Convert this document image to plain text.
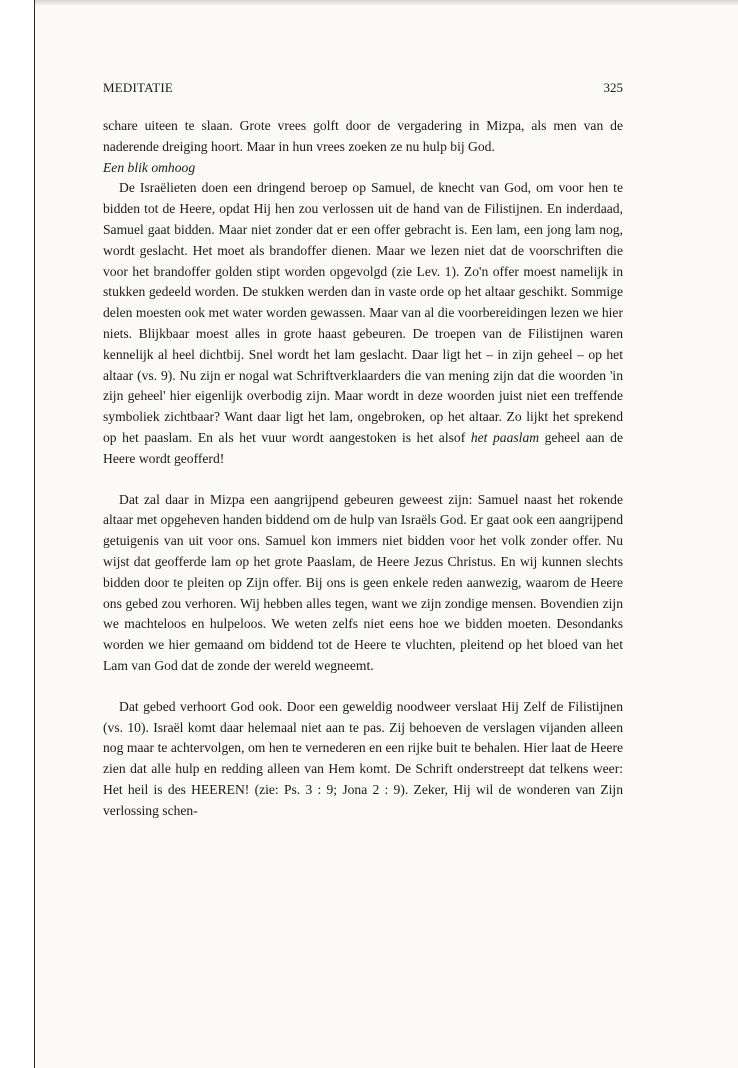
MEDITATIE	325

schare uiteen te slaan. Grote vrees golft door de vergadering in Mizpa, als men van de naderende dreiging hoort. Maar in hun vrees zoeken ze nu hulp bij God.

Een blik omhoog

De Israëlieten doen een dringend beroep op Samuel, de knecht van God, om voor hen te bidden tot de Heere, opdat Hij hen zou verlossen uit de hand van de Filistijnen. En inderdaad, Samuel gaat bidden. Maar niet zonder dat er een offer gebracht is. Een lam, een jong lam nog, wordt geslacht. Het moet als brandoffer dienen. Maar we lezen niet dat de voorschriften die voor het brandoffer golden stipt worden opgevolgd (zie Lev. 1). Zo'n offer moest namelijk in stukken gedeeld worden. De stukken werden dan in vaste orde op het altaar geschikt. Sommige delen moesten ook met water worden gewassen. Maar van al die voorbereidingen lezen we hier niets. Blijkbaar moest alles in grote haast gebeuren. De troepen van de Filistijnen waren kennelijk al heel dichtbij. Snel wordt het lam geslacht. Daar ligt het – in zijn geheel – op het altaar (vs. 9). Nu zijn er nogal wat Schriftverklaarders die van mening zijn dat die woorden 'in zijn geheel' hier eigenlijk overbodig zijn. Maar wordt in deze woorden juist niet een treffende symboliek zichtbaar? Want daar ligt het lam, ongebroken, op het altaar. Zo lijkt het sprekend op het paaslam. En als het vuur wordt aangestoken is het alsof het paaslam geheel aan de Heere wordt geofferd!

Dat zal daar in Mizpa een aangrijpend gebeuren geweest zijn: Samuel naast het rokende altaar met opgeheven handen biddend om de hulp van Israëls God. Er gaat ook een aangrijpend getuigenis van uit voor ons. Samuel kon immers niet bidden voor het volk zonder offer. Nu wijst dat geofferde lam op het grote Paaslam, de Heere Jezus Christus. En wij kunnen slechts bidden door te pleiten op Zijn offer. Bij ons is geen enkele reden aanwezig, waarom de Heere ons gebed zou verhoren. Wij hebben alles tegen, want we zijn zondige mensen. Bovendien zijn we machteloos en hulpeloos. We weten zelfs niet eens hoe we bidden moeten. Desondanks worden we hier gemaand om biddend tot de Heere te vluchten, pleitend op het bloed van het Lam van God dat de zonde der wereld wegneemt.

Dat gebed verhoort God ook. Door een geweldig noodweer verslaat Hij Zelf de Filistijnen (vs. 10). Israël komt daar helemaal niet aan te pas. Zij behoeven de verslagen vijanden alleen nog maar te achtervolgen, om hen te vernederen en een rijke buit te behalen. Hier laat de Heere zien dat alle hulp en redding alleen van Hem komt. De Schrift onderstreept dat telkens weer: Het heil is des HEEREN! (zie: Ps. 3 : 9; Jona 2 : 9). Zeker, Hij wil de wonderen van Zijn verlossing schen-
